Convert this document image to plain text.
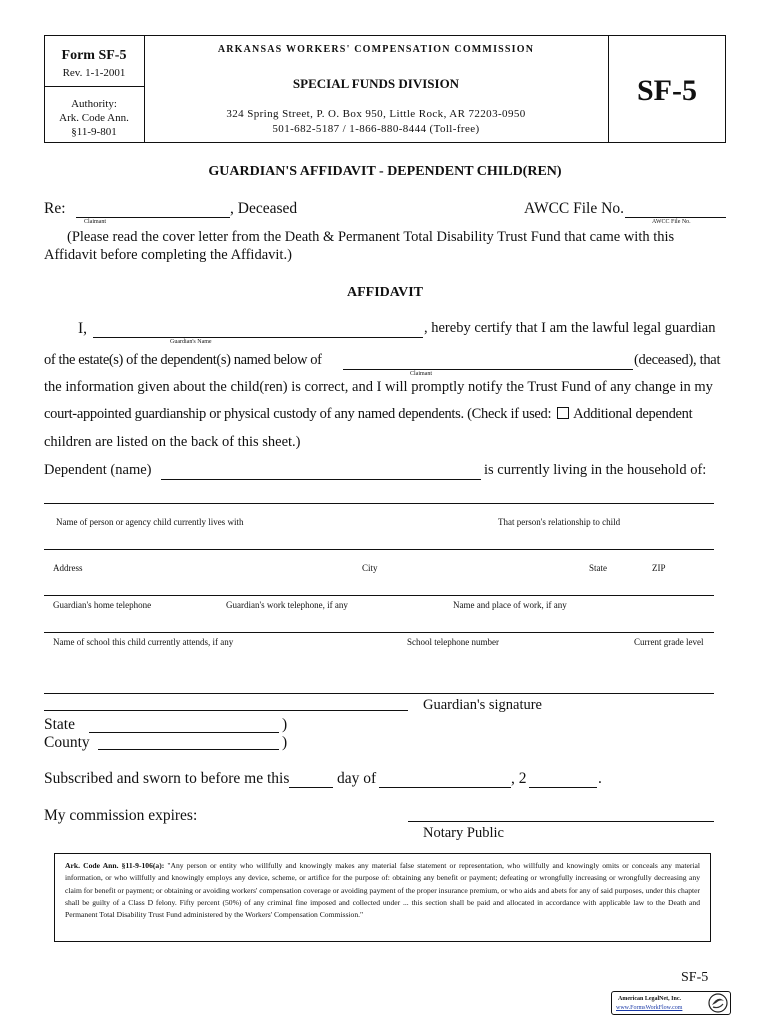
Form SF-5
Rev. 1-1-2001
Authority:
Ark. Code Ann.
§11-9-801
ARKANSAS WORKERS' COMPENSATION COMMISSION
SPECIAL FUNDS DIVISION
324 Spring Street, P. O. Box 950, Little Rock, AR 72203-0950
501-682-5187 / 1-866-880-8444 (Toll-free)
SF-5
GUARDIAN'S AFFIDAVIT - DEPENDENT CHILD(REN)
Re:	, Deceased
Claimant
AWCC File No.
AWCC File No.
(Please read the cover letter from the Death & Permanent Total Disability Trust Fund that came with this
Affidavit before completing the Affidavit.)
AFFIDAVIT
I,	, hereby certify that I am the lawful legal guardian
Guardian's Name
of the estate(s) of the dependent(s) named below of	(deceased), that
Claimant
the information given about the child(ren) is correct, and I will promptly notify the Trust Fund of any change in my
court-appointed guardianship or physical custody of any named dependents. (Check if used: Additional dependent
children are listed on the back of this sheet.)
Dependent (name)	is currently living in the household of:
Name of person or agency child currently lives with	That person's relationship to child
Address	City	State	ZIP
Guardian's home telephone	Guardian's work telephone, if any	Name and place of work, if any
Name of school this child currently attends, if any	School telephone number	Current grade level
Guardian's signature
State	)
County	)
Subscribed and sworn to before me this	day of	, 2	.
My commission expires:
Notary Public
Ark. Code Ann. §11-9-106(a): "Any person or entity who willfully and knowingly makes any material false statement or representation, who willfully and knowingly omits or conceals any material information, or who willfully and knowingly employs any device, scheme, or artifice for the purpose of: obtaining any benefit or payment; defeating or wrongfully increasing or wrongfully decreasing any claim for benefit or payment; or obtaining or avoiding workers' compensation coverage or avoiding payment of the proper insurance premium, or who aids and abets for any of said purposes, under this chapter shall be guilty of a Class D felony. Fifty percent (50%) of any criminal fine imposed and collected under ... this section shall be paid and allocated in accordance with applicable law to the Death and Permanent Total Disability Trust Fund administered by the Workers' Compensation Commission."
SF-5
American LegalNet, Inc.
www.FormsWorkFlow.com
